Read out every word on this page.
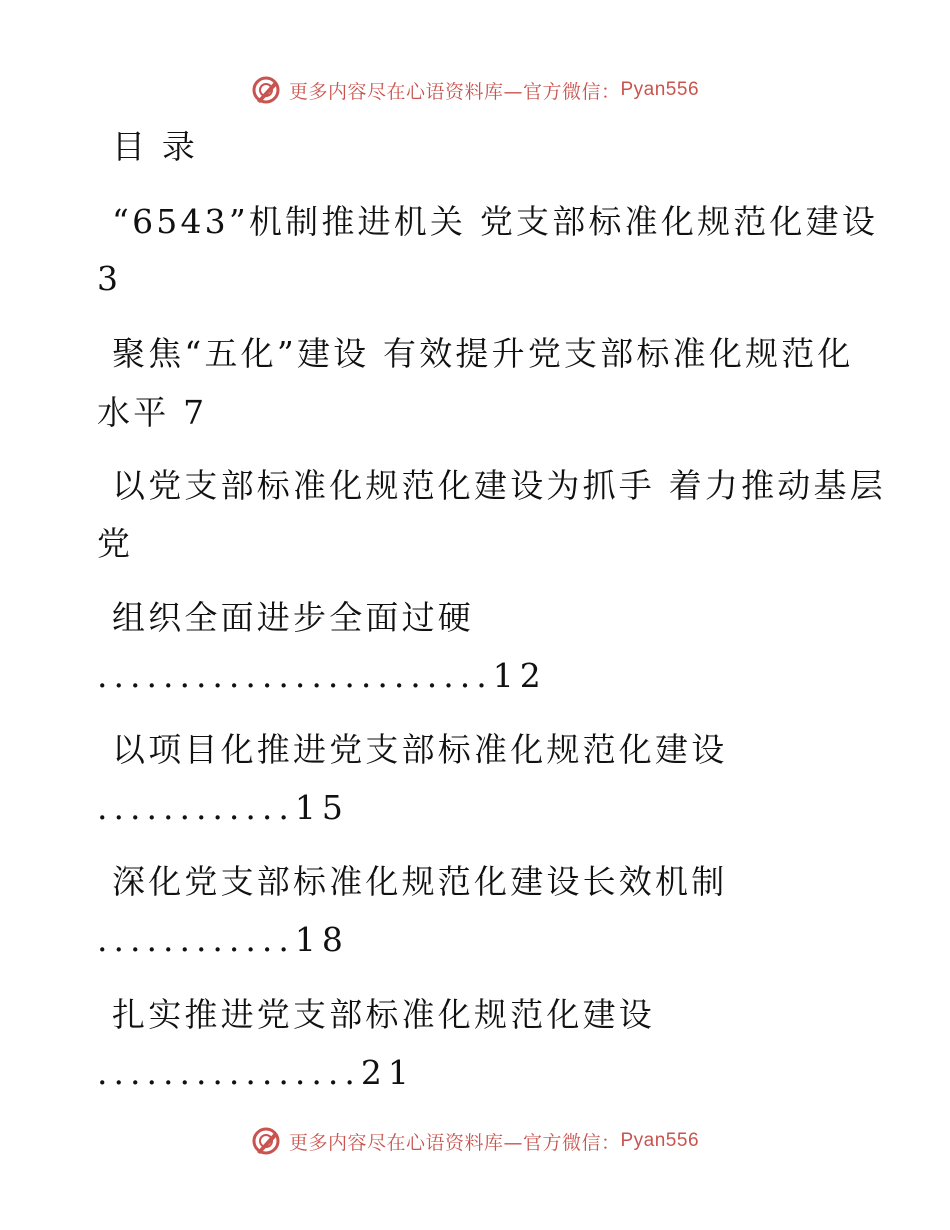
更多内容尽在心语资料库—官方微信： Pyan556
目 录
“6543”机制推进机关 党支部标准化规范化建设
3
聚焦“五化”建设 有效提升党支部标准化规范化
水平 7
以党支部标准化规范化建设为抓手 着力推动基层
党
组织全面进步全面过硬
........................12
以项目化推进党支部标准化规范化建设
............15
深化党支部标准化规范化建设长效机制
............18
扎实推进党支部标准化规范化建设
................21
更多内容尽在心语资料库—官方微信： Pyan556
